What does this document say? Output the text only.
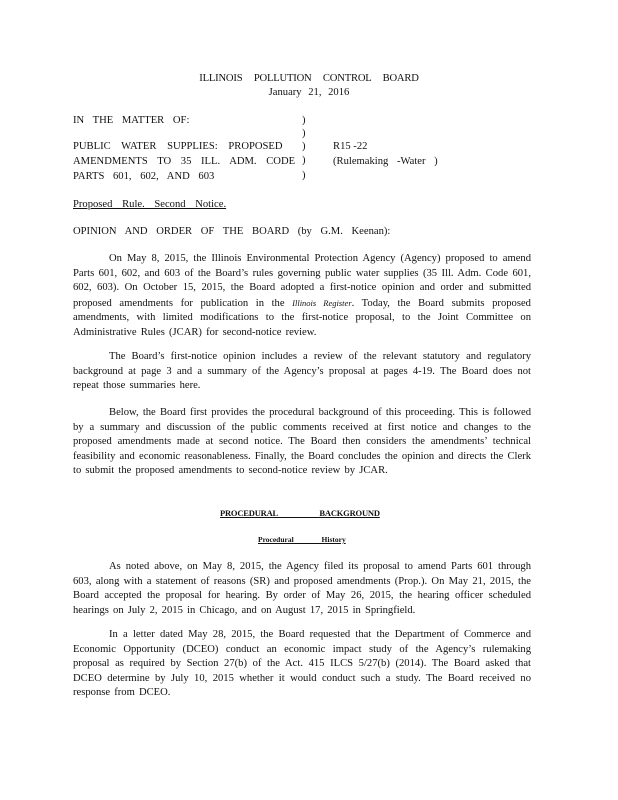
ILLINOIS POLLUTION CONTROL BOARD
January 21, 2016
IN THE MATTER OF:
PUBLIC WATER SUPPLIES: PROPOSED
AMENDMENTS TO 35 ILL. ADM. CODE
PARTS 601, 602, AND 603
)
)
)
)
)
R15 -22
(Rulemaking -Water )
Proposed Rule. Second Notice.
OPINION AND ORDER OF THE BOARD (by G.M. Keenan):
On May 8, 2015, the Illinois Environmental Protection Agency (Agency) proposed to amend Parts 601, 602, and 603 of the Board’s rules governing public water supplies (35 Ill. Adm. Code 601, 602, 603). On October 15, 2015, the Board adopted a first-notice opinion and order and submitted proposed amendments for publication in the Illinois Register. Today, the Board submits proposed amendments, with limited modifications to the first-notice proposal, to the Joint Committee on Administrative Rules (JCAR) for second-notice review.
The Board’s first-notice opinion includes a review of the relevant statutory and regulatory background at page 3 and a summary of the Agency’s proposal at pages 4-19. The Board does not repeat those summaries here.
Below, the Board first provides the procedural background of this proceeding. This is followed by a summary and discussion of the public comments received at first notice and changes to the proposed amendments made at second notice. The Board then considers the amendments’ technical feasibility and economic reasonableness. Finally, the Board concludes the opinion and directs the Clerk to submit the proposed amendments to second-notice review by JCAR.
PROCEDURAL BACKGROUND
Procedural History
As noted above, on May 8, 2015, the Agency filed its proposal to amend Parts 601 through 603, along with a statement of reasons (SR) and proposed amendments (Prop.). On May 21, 2015, the Board accepted the proposal for hearing. By order of May 26, 2015, the hearing officer scheduled hearings on July 2, 2015 in Chicago, and on August 17, 2015 in Springfield.
In a letter dated May 28, 2015, the Board requested that the Department of Commerce and Economic Opportunity (DCEO) conduct an economic impact study of the Agency’s rulemaking proposal as required by Section 27(b) of the Act. 415 ILCS 5/27(b) (2014). The Board asked that DCEO determine by July 10, 2015 whether it would conduct such a study. The Board received no response from DCEO.
